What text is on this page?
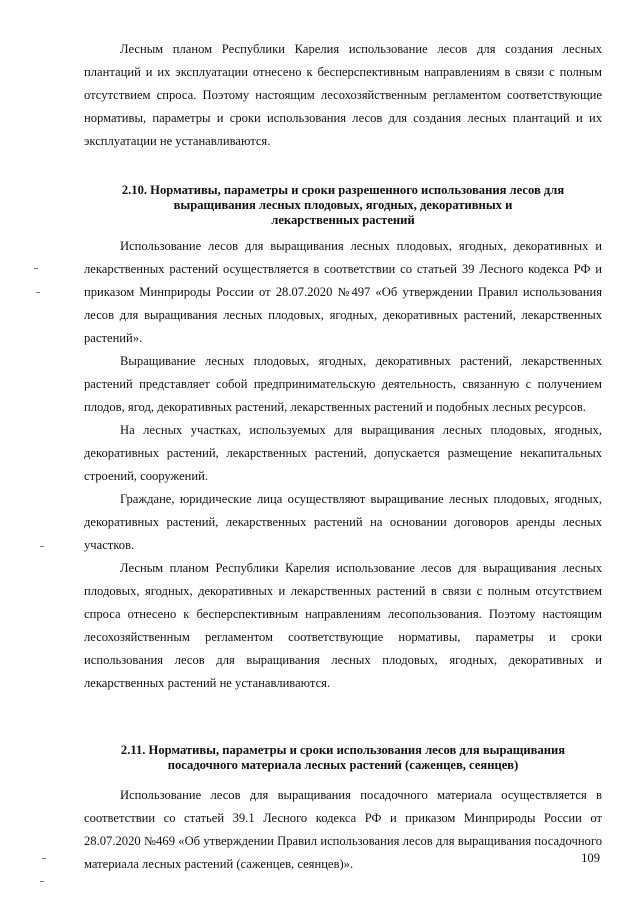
Лесным планом Республики Карелия использование лесов для создания лесных плантаций и их эксплуатации отнесено к бесперспективным направлениям в связи с полным отсутствием спроса. Поэтому настоящим лесохозяйственным регламентом соответствующие нормативы, параметры и сроки использования лесов для создания лесных плантаций и их эксплуатации не устанавливаются.

2.10. Нормативы, параметры и сроки разрешенного использования лесов для
выращивания лесных плодовых, ягодных, декоративных и
лекарственных растений

Использование лесов для выращивания лесных плодовых, ягодных, декоративных и лекарственных растений осуществляется в соответствии со статьей 39 Лесного кодекса РФ и приказом Минприроды России от 28.07.2020 №497 «Об утверждении Правил использования лесов для выращивания лесных плодовых, ягодных, декоративных растений, лекарственных растений».

Выращивание лесных плодовых, ягодных, декоративных растений, лекарственных растений представляет собой предпринимательскую деятельность, связанную с получением плодов, ягод, декоративных растений, лекарственных растений и подобных лесных ресурсов.

На лесных участках, используемых для выращивания лесных плодовых, ягодных, декоративных растений, лекарственных растений, допускается размещение некапитальных строений, сооружений.

Граждане, юридические лица осуществляют выращивание лесных плодовых, ягодных, декоративных растений, лекарственных растений на основании договоров аренды лесных участков.

Лесным планом Республики Карелия использование лесов для выращивания лесных плодовых, ягодных, декоративных и лекарственных растений в связи с полным отсутствием спроса отнесено к бесперспективным направлениям лесопользования. Поэтому настоящим лесохозяйственным регламентом соответствующие нормативы, параметры и сроки использования лесов для выращивания лесных плодовых, ягодных, декоративных и лекарственных растений не устанавливаются.

2.11. Нормативы, параметры и сроки использования лесов для выращивания
посадочного материала лесных растений (саженцев, сеянцев)

Использование лесов для выращивания посадочного материала осуществляется в соответствии со статьей 39.1 Лесного кодекса РФ и приказом Минприроды России от 28.07.2020 №469 «Об утверждении Правил использования лесов для выращивания посадочного материала лесных растений (саженцев, сеянцев)».	109
